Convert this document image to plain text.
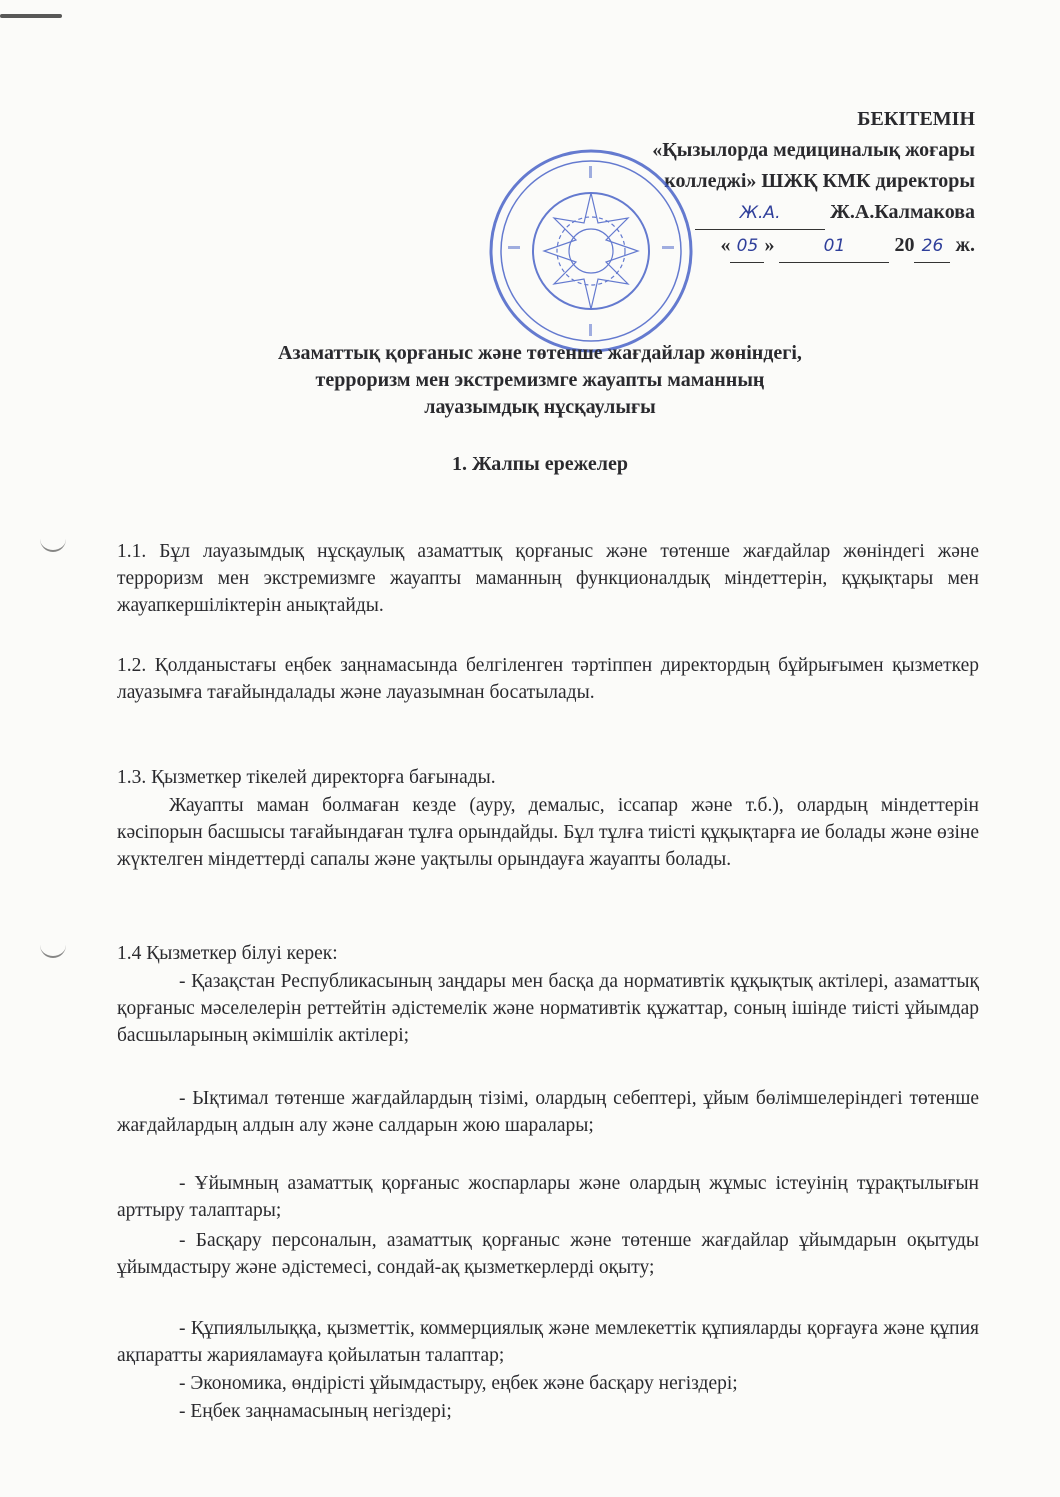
БЕКІТЕМІН
«Қызылорда медициналық жоғары
колледжі» ШЖҚ КМК директоры
Ж.А. Ж.А.Калмакова
« 05 »	01 20 26 ж.
Азаматтық қорғаныс және төтенше жағдайлар жөніндегі,
терроризм мен экстремизмге жауапты маманның
лауазымдық нұсқаулығы
1. Жалпы ережелер
1.1. Бұл лауазымдық нұсқаулық азаматтық қорғаныс және төтенше жағдайлар жөніндегі және терроризм мен экстремизмге жауапты маманның функционалдық міндеттерін, құқықтары мен жауапкершіліктерін анықтайды.
1.2. Қолданыстағы еңбек заңнамасында белгіленген тәртіппен директордың бұйрығымен қызметкер лауазымға тағайындалады және лауазымнан босатылады.
1.3. Қызметкер тікелей директорға бағынады.
Жауапты маман болмаған кезде (ауру, демалыс, іссапар және т.б.), олардың міндеттерін кәсіпорын басшысы тағайындаған тұлға орындайды. Бұл тұлға тиісті құқықтарға ие болады және өзіне жүктелген міндеттерді сапалы және уақтылы орындауға жауапты болады.
1.4 Қызметкер білуі керек:
- Қазақстан Республикасының заңдары мен басқа да нормативтік құқықтық актілері, азаматтық қорғаныс мәселелерін реттейтін әдістемелік және нормативтік құжаттар, соның ішінде тиісті ұйымдар басшыларының әкімшілік актілері;
- Ықтимал төтенше жағдайлардың тізімі, олардың себептері, ұйым бөлімшелеріндегі төтенше жағдайлардың алдын алу және салдарын жою шаралары;
- Ұйымның азаматтық қорғаныс жоспарлары және олардың жұмыс істеуінің тұрақтылығын арттыру талаптары;
- Басқару персоналын, азаматтық қорғаныс және төтенше жағдайлар ұйымдарын оқытуды ұйымдастыру және әдістемесі, сондай-ақ қызметкерлерді оқыту;
- Құпиялылыққа, қызметтік, коммерциялық және мемлекеттік құпияларды қорғауға және құпия ақпаратты жарияламауға қойылатын талаптар;
- Экономика, өндірісті ұйымдастыру, еңбек және басқару негіздері;
- Еңбек заңнамасының негіздері;
